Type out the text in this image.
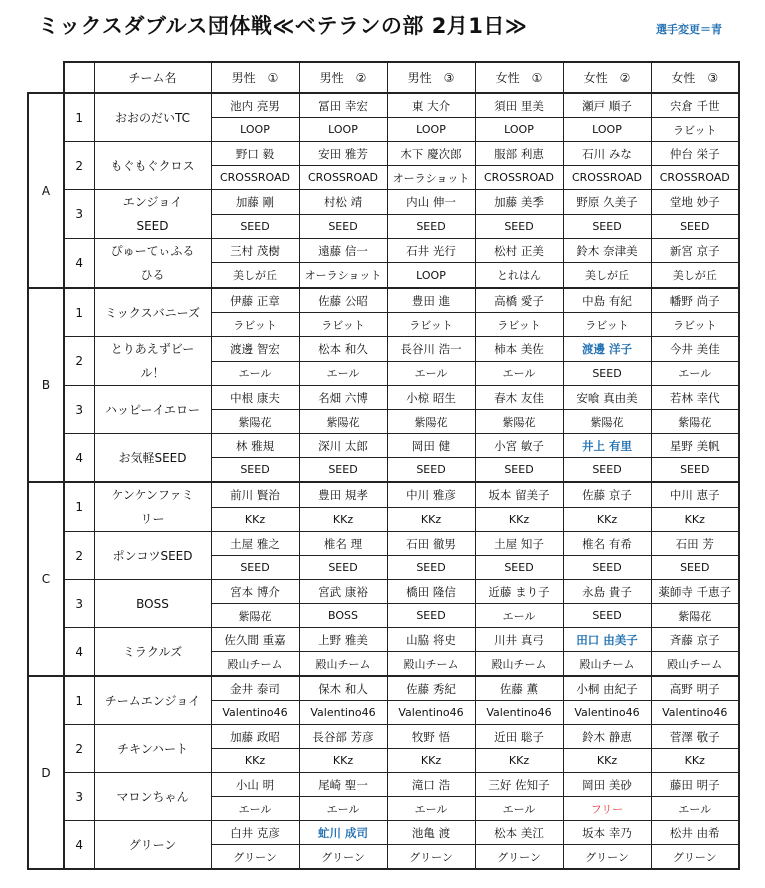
ミックスダブルス団体戦≪ベテランの部 2月1日≫	選手変更＝青
		チーム名	男性　①	男性　②	男性　③	女性　①	女性　②	女性　③
A	1	おおのだいTC	池内 亮男	冨田 幸宏	東 大介	須田 里美	瀬戸 順子	宍倉 千世
			LOOP	LOOP	LOOP	LOOP	LOOP	ラビット
	2	もぐもぐクロス	野口 毅	安田 雅芳	木下 慶次郎	服部 利恵	石川 みな	仲台 栄子
			CROSSROAD	CROSSROAD	オーラショット	CROSSROAD	CROSSROAD	CROSSROAD
	3	エンジョイSEED	加藤 剛	村松 靖	内山 伸一	加藤 美季	野原 久美子	堂地 妙子
			SEED	SEED	SEED	SEED	SEED	SEED
	4	ぴゅーてぃふるひる	三村 茂樹	遠藤 信一	石井 光行	松村 正美	鈴木 奈津美	新宮 京子
			美しが丘	オーラショット	LOOP	とれはん	美しが丘	美しが丘
B	1	ミックスバニーズ	伊藤 正章	佐藤 公昭	豊田 進	高橋 愛子	中島 有紀	幡野 尚子
			ラビット	ラビット	ラビット	ラビット	ラビット	ラビット
	2	とりあえずビール！	渡邊 智宏	松本 和久	長谷川 浩一	柿本 美佐	渡邊 洋子	今井 美佳
			エール	エール	エール	エール	SEED	エール
	3	ハッピーイエロー	中根 康夫	名畑 六博	小椋 昭生	春木 友佳	安喰 真由美	若林 幸代
			紫陽花	紫陽花	紫陽花	紫陽花	紫陽花	紫陽花
	4	お気軽SEED	林 雅規	深川 太郎	岡田 健	小宮 敏子	井上 有里	星野 美帆
			SEED	SEED	SEED	SEED	SEED	SEED
C	1	ケンケンファミリー	前川 賢治	豊田 規孝	中川 雅彦	坂本 留美子	佐藤 京子	中川 恵子
			KKz	KKz	KKz	KKz	KKz	KKz
	2	ポンコツSEED	土屋 雅之	椎名 理	石田 徹男	土屋 知子	椎名 有希	石田 芳
			SEED	SEED	SEED	SEED	SEED	SEED
	3	BOSS	宮本 博介	宮武 康裕	橋田 隆信	近藤 まり子	永島 貴子	薬師寺 千恵子
			紫陽花	BOSS	SEED	エール	SEED	紫陽花
	4	ミラクルズ	佐久間 重嘉	上野 雅美	山脇 将史	川井 真弓	田口 由美子	斉藤 京子
			殿山チーム	殿山チーム	殿山チーム	殿山チーム	殿山チーム	殿山チーム
D	1	チームエンジョイ	金井 泰司	保木 和人	佐藤 秀紀	佐藤 薫	小桐 由紀子	高野 明子
			Valentino46	Valentino46	Valentino46	Valentino46	Valentino46	Valentino46
	2	チキンハート	加藤 政昭	長谷部 芳彦	牧野 悟	近田 聡子	鈴木 静恵	菅澤 敬子
			KKz	KKz	KKz	KKz	KKz	KKz
	3	マロンちゃん	小山 明	尾崎 聖一	滝口 浩	三好 佐知子	岡田 美砂	藤田 明子
			エール	エール	エール	エール	フリー	エール
	4	グリーン	白井 克彦	虻川 成司	池亀 渡	松本 美江	坂本 幸乃	松井 由希
			グリーン	グリーン	グリーン	グリーン	グリーン	グリーン
